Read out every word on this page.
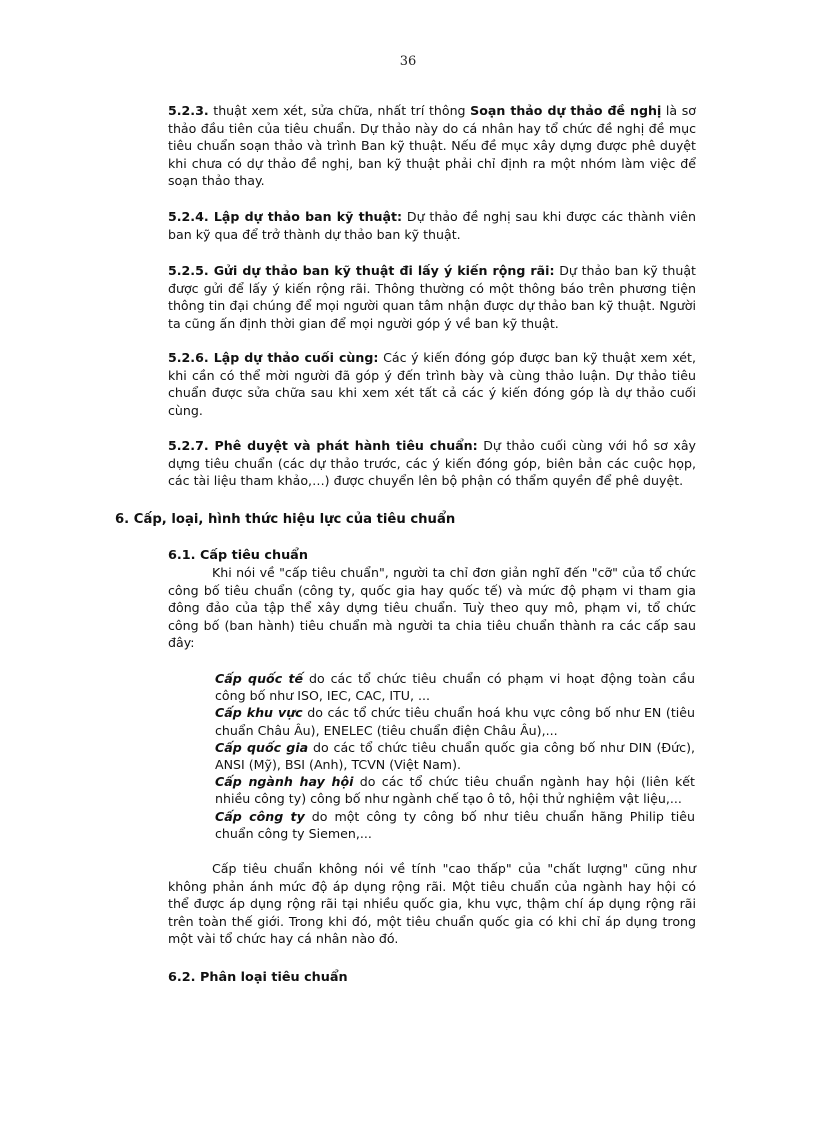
36
5.2.3. thuật xem xét, sửa chữa, nhất trí thông Soạn thảo dự thảo đề nghị là sơ thảo đầu tiên của tiêu chuẩn. Dự thảo này do cá nhân hay tổ chức đề nghị đề mục tiêu chuẩn soạn thảo và trình Ban kỹ thuật. Nếu đề mục xây dựng được phê duyệt khi chưa có dự thảo đề nghị, ban kỹ thuật phải chỉ định ra một nhóm làm việc để soạn thảo thay.
5.2.4. Lập dự thảo ban kỹ thuật: Dự thảo đề nghị sau khi được các thành viên ban kỹ qua để trở thành dự thảo ban kỹ thuật.
5.2.5. Gửi dự thảo ban kỹ thuật đi lấy ý kiến rộng rãi: Dự thảo ban kỹ thuật được gửi để lấy ý kiến rộng rãi. Thông thường có một thông báo trên phương tiện thông tin đại chúng để mọi người quan tâm nhận được dự thảo ban kỹ thuật. Người ta cũng ấn định thời gian để mọi người góp ý về ban kỹ thuật.
5.2.6. Lập dự thảo cuối cùng: Các ý kiến đóng góp được ban kỹ thuật xem xét, khi cần có thể mời người đã góp ý đến trình bày và cùng thảo luận. Dự thảo tiêu chuẩn được sửa chữa sau khi xem xét tất cả các ý kiến đóng góp là dự thảo cuối cùng.
5.2.7. Phê duyệt và phát hành tiêu chuẩn: Dự thảo cuối cùng với hồ sơ xây dựng tiêu chuẩn (các dự thảo trước, các ý kiến đóng góp, biên bản các cuộc họp, các tài liệu tham khảo,…) được chuyển lên bộ phận có thẩm quyền để phê duyệt.
6. Cấp, loại, hình thức hiệu lực của tiêu chuẩn
6.1. Cấp tiêu chuẩn
Khi nói về "cấp tiêu chuẩn", người ta chỉ đơn giản nghĩ đến "cỡ" của tổ chức công bố tiêu chuẩn (công ty, quốc gia hay quốc tế) và mức độ phạm vi tham gia đông đảo của tập thể xây dựng tiêu chuẩn. Tuỳ theo quy mô, phạm vi, tổ chức công bố (ban hành) tiêu chuẩn mà người ta chia tiêu chuẩn thành ra các cấp sau đây:
Cấp quốc tế do các tổ chức tiêu chuẩn có phạm vi hoạt động toàn cầu công bố như ISO, IEC, CAC, ITU, ...
Cấp khu vực do các tổ chức tiêu chuẩn hoá khu vực công bố như EN (tiêu chuẩn Châu Âu), ENELEC (tiêu chuẩn điện Châu Âu),...
Cấp quốc gia do các tổ chức tiêu chuẩn quốc gia công bố như DIN (Đức), ANSI (Mỹ), BSI (Anh), TCVN (Việt Nam).
Cấp ngành hay hội do các tổ chức tiêu chuẩn ngành hay hội (liên kết nhiều công ty) công bố như ngành chế tạo ô tô, hội thử nghiệm vật liệu,...
Cấp công ty do một công ty công bố như tiêu chuẩn hãng Philip tiêu chuẩn công ty Siemen,...
Cấp tiêu chuẩn không nói về tính "cao thấp" của "chất lượng" cũng như không phản ánh mức độ áp dụng rộng rãi. Một tiêu chuẩn của ngành hay hội có thể được áp dụng rộng rãi tại nhiều quốc gia, khu vực, thậm chí áp dụng rộng rãi trên toàn thế giới. Trong khi đó, một tiêu chuẩn quốc gia có khi chỉ áp dụng trong một vài tổ chức hay cá nhân nào đó.
6.2. Phân loại tiêu chuẩn
